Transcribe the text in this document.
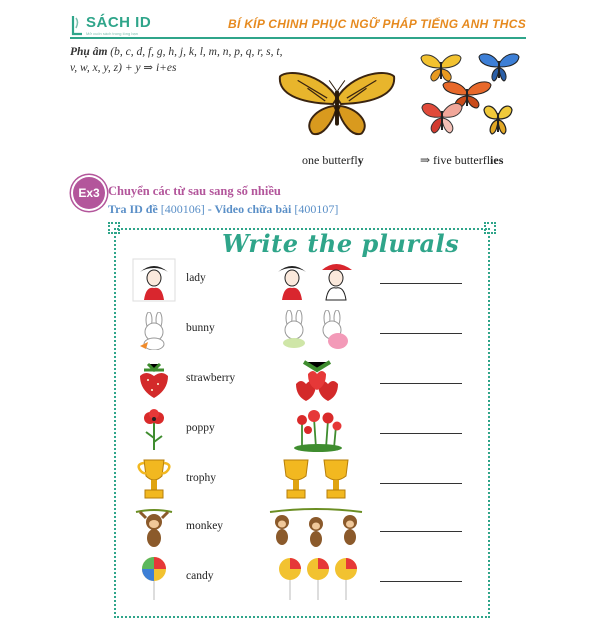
SÁCH ID
Mở cuốn sách trong lòng bạn
BÍ KÍP CHINH PHỤC NGỮ PHÁP TIẾNG ANH THCS
Phụ âm (b, c, d, f, g, h, j, k, l, m, n, p, q, r, s, t, v, w, x, y, z) + y ⇒ i+es
one butterfly	⇒ five butterflies
Ex3 Chuyển các từ sau sang số nhiều
Tra ID đề [400106] - Video chữa bài [400107]
Write the plurals
lady
bunny
strawberry
poppy
trophy
monkey
candy
